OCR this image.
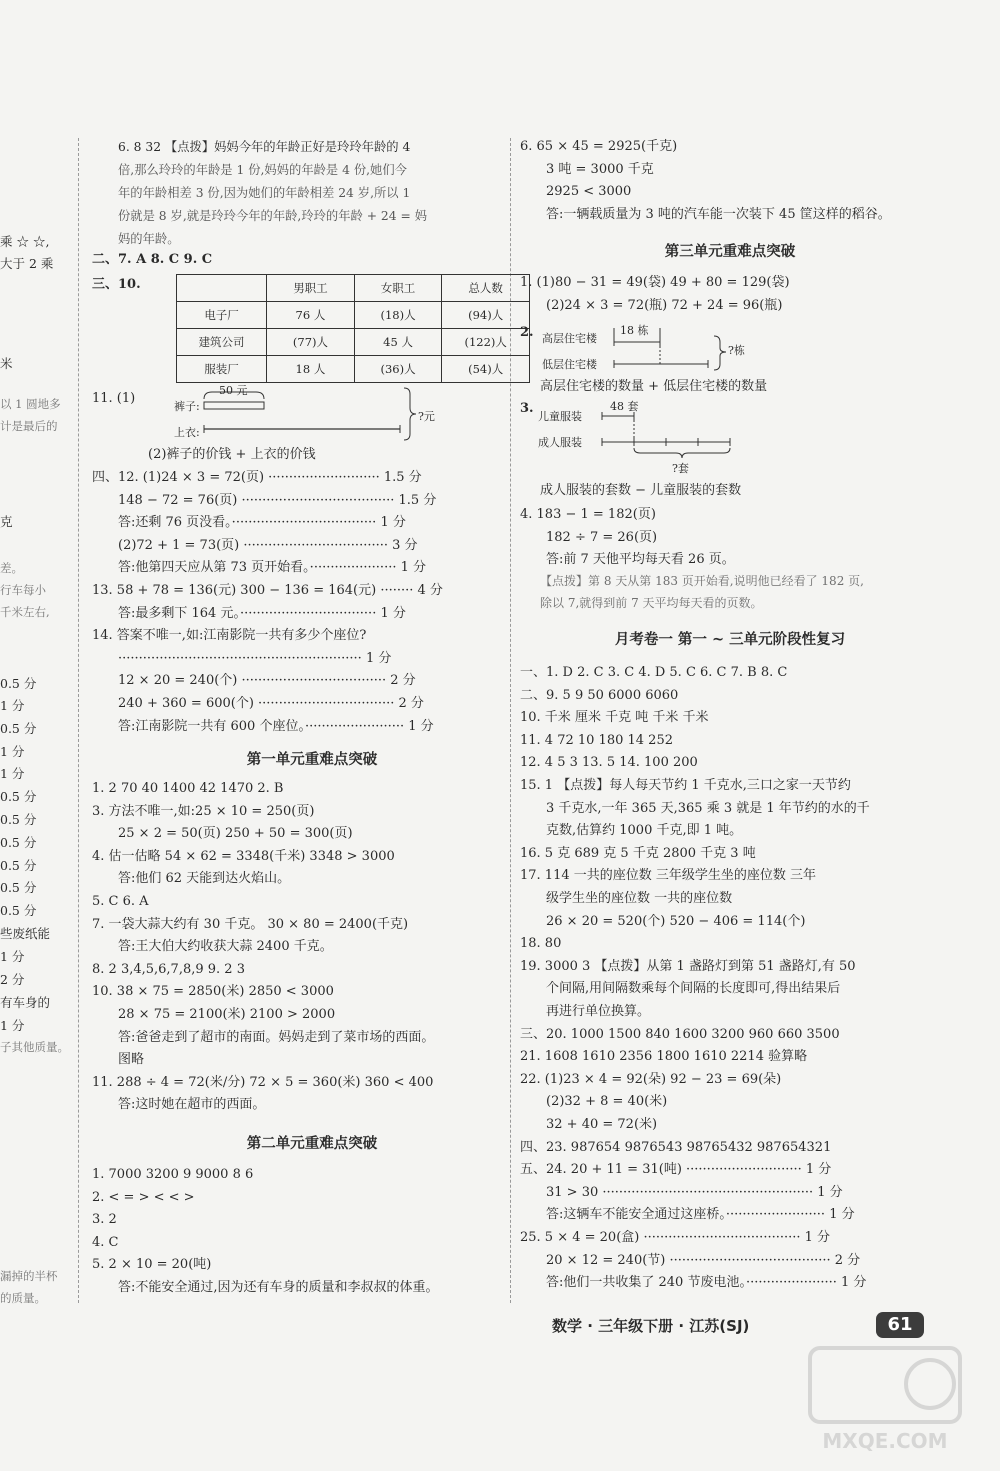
乘 ☆ ☆,
大于 2 乘
米
以 1 圆地多
计是最后的
克
差。
行车每小
千米左右,
0.5 分
1 分
0.5 分
1 分
1 分
0.5 分
0.5 分
0.5 分
0.5 分
0.5 分
0.5 分
些废纸能
1 分
2 分
有车身的
1 分
子其他质量。
漏掉的半杯
的质量。
6. 8 32 【点拨】妈妈今年的年龄正好是玲玲年龄的 4
倍,那么玲玲的年龄是 1 份,妈妈的年龄是 4 份,她们今
年的年龄相差 3 份,因为她们的年龄相差 24 岁,所以 1
份就是 8 岁,就是玲玲今年的年龄,玲玲的年龄 + 24 = 妈
妈的年龄。
二、7. A 8. C 9. C
三、10.
		男职工	女职工	总人数
电子厂	76 人	(18)人	(94)人
建筑公司	(77)人	45 人	(122)人
服装厂	18 人	(36)人	(54)人
11. (1)
50 元
裤子:
上衣:
?元
(2)裤子的价钱 + 上衣的价钱
四、12. (1)24 × 3 = 72(页) ··························· 1.5 分
148 − 72 = 76(页) ····································· 1.5 分
答:还剩 76 页没看。··································· 1 分
(2)72 + 1 = 73(页) ··································· 3 分
答:他第四天应从第 73 页开始看。····················· 1 分
13. 58 + 78 = 136(元) 300 − 136 = 164(元) ········ 4 分
答:最多剩下 164 元。································· 1 分
14. 答案不唯一,如:江南影院一共有多少个座位?
··························································· 1 分
12 × 20 = 240(个) ··································· 2 分
240 + 360 = 600(个) ································· 2 分
答:江南影院一共有 600 个座位。························ 1 分
第一单元重难点突破
1. 2 70 40 1400 42 1470 2. B
3. 方法不唯一,如:25 × 10 = 250(页)
25 × 2 = 50(页) 250 + 50 = 300(页)
4. 估一估略 54 × 62 = 3348(千米) 3348 > 3000
答:他们 62 天能到达火焰山。
5. C 6. A
7. 一袋大蒜大约有 30 千克。 30 × 80 = 2400(千克)
答:王大伯大约收获大蒜 2400 千克。
8. 2 3,4,5,6,7,8,9 9. 2 3
10. 38 × 75 = 2850(米) 2850 < 3000
28 × 75 = 2100(米) 2100 > 2000
答:爸爸走到了超市的南面。妈妈走到了菜市场的西面。
图略
11. 288 ÷ 4 = 72(米/分) 72 × 5 = 360(米) 360 < 400
答:这时她在超市的西面。
第二单元重难点突破
1. 7000 3200 9 9000 8 6
2. < = > < < >
3. 2
4. C
5. 2 × 10 = 20(吨)
答:不能安全通过,因为还有车身的质量和李叔叔的体重。
6. 65 × 45 = 2925(千克)
3 吨 = 3000 千克
2925 < 3000
答:一辆载质量为 3 吨的汽车能一次装下 45 筐这样的稻谷。
第三单元重难点突破
1. (1)80 − 31 = 49(袋) 49 + 80 = 129(袋)
(2)24 × 3 = 72(瓶) 72 + 24 = 96(瓶)
2. 高层住宅楼
低层住宅楼
18 栋
?栋
高层住宅楼的数量 + 低层住宅楼的数量
3.
儿童服装
成人服装
48 套
?套
成人服装的套数 − 儿童服装的套数
4. 183 − 1 = 182(页)
182 ÷ 7 = 26(页)
答:前 7 天他平均每天看 26 页。
【点拨】第 8 天从第 183 页开始看,说明他已经看了 182 页,
除以 7,就得到前 7 天平均每天看的页数。
月考卷一 第一 ~ 三单元阶段性复习
一、1. D 2. C 3. C 4. D 5. C 6. C 7. B 8. C
二、9. 5 9 50 6000 6060
10. 千米 厘米 千克 吨 千米 千米
11. 4 72 10 180 14 252
12. 4 5 3 13. 5 14. 100 200
15. 1 【点拨】每人每天节约 1 千克水,三口之家一天节约
3 千克水,一年 365 天,365 乘 3 就是 1 年节约的水的千
克数,估算约 1000 千克,即 1 吨。
16. 5 克 689 克 5 千克 2800 千克 3 吨
17. 114 一共的座位数 三年级学生坐的座位数 三年
级学生坐的座位数 一共的座位数
26 × 20 = 520(个) 520 − 406 = 114(个)
18. 80
19. 3000 3 【点拨】从第 1 盏路灯到第 51 盏路灯,有 50
个间隔,用间隔数乘每个间隔的长度即可,得出结果后
再进行单位换算。
三、20. 1000 1500 840 1600 3200 960 660 3500
21. 1608 1610 2356 1800 1610 2214 验算略
22. (1)23 × 4 = 92(朵) 92 − 23 = 69(朵)
(2)32 + 8 = 40(米)
32 + 40 = 72(米)
四、23. 987654 9876543 98765432 987654321
五、24. 20 + 11 = 31(吨) ···························· 1 分
31 > 30 ··················································· 1 分
答:这辆车不能安全通过这座桥。························ 1 分
25. 5 × 4 = 20(盒) ······································ 1 分
20 × 12 = 240(节) ······································· 2 分
答:他们一共收集了 240 节废电池。······················ 1 分
数学 · 三年级下册 · 江苏(SJ)	61
MXQE.COM
